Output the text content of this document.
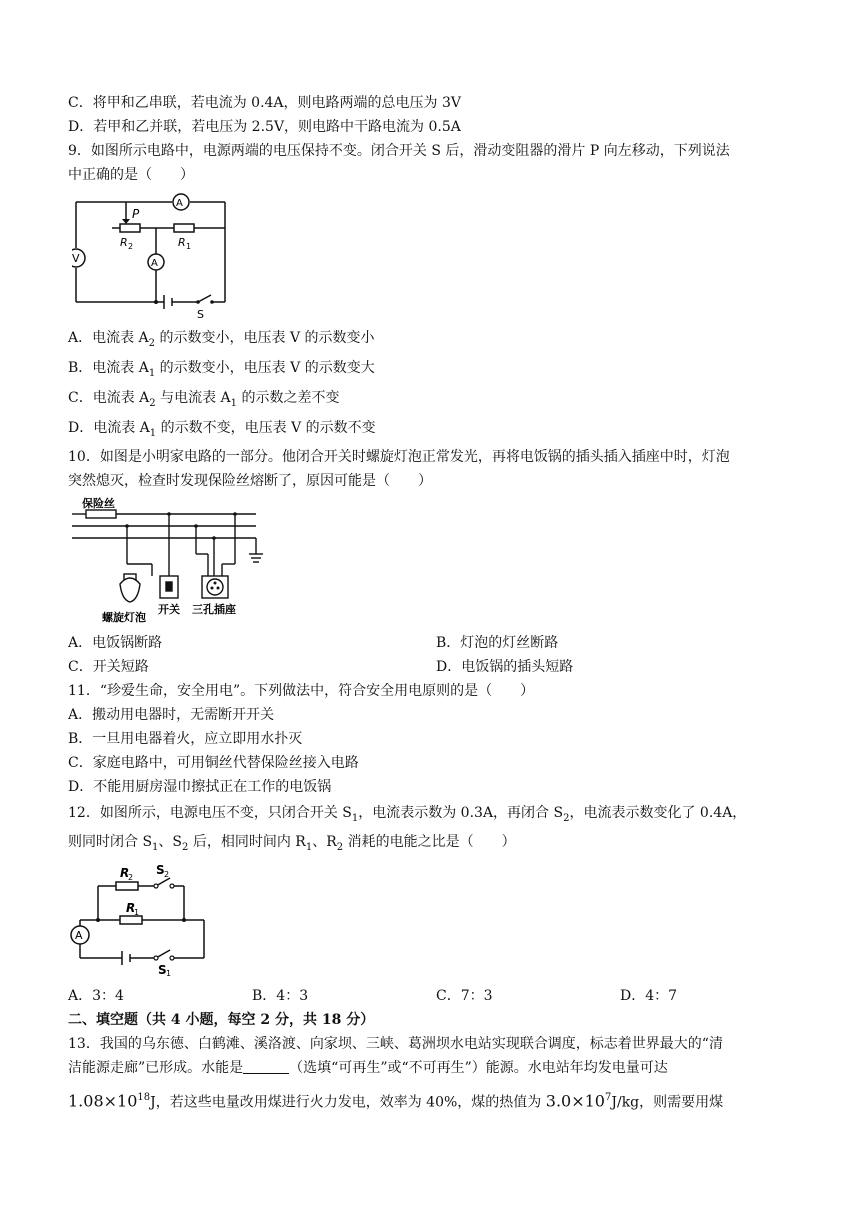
C．将甲和乙串联，若电流为 0.4A，则电路两端的总电压为 3V
D．若甲和乙并联，若电压为 2.5V，则电路中干路电流为 0.5A
9．如图所示电路中，电源两端的电压保持不变。闭合开关 S 后，滑动变阻器的滑片 P 向左移动，下列说法
中正确的是（　　）
P
A
A
V
R 2	R 1
S
A．电流表 $A_2$ 的示数变小，电压表 V 的示数变小
B．电流表 $A_1$ 的示数变小，电压表 V 的示数变大
C．电流表 $A_2$ 与电流表 $A_1$ 的示数之差不变
D．电流表 $A_1$ 的示数不变，电压表 V 的示数不变
10．如图是小明家电路的一部分。他闭合开关时螺旋灯泡正常发光，再将电饭锅的插头插入插座中时，灯泡
突然熄灭，检查时发现保险丝熔断了，原因可能是（　　）
保险丝
螺旋灯泡
开关 三孔插座
A．电饭锅断路	B．灯泡的灯丝断路
C．开关短路	D．电饭锅的插头短路
11．“珍爱生命，安全用电”。下列做法中，符合安全用电原则的是（　　）
A．搬动用电器时，无需断开开关
B．一旦用电器着火，应立即用水扑灭
C．家庭电路中，可用铜丝代替保险丝接入电路
D．不能用厨房湿巾擦拭正在工作的电饭锅
12．如图所示，电源电压不变，只闭合开关 $S_1$，电流表示数为 0.3A，再闭合 $S_2$，电流表示数变化了 0.4A，
则同时闭合 $S_1$、$S_2$ 后，相同时间内 $R_1$、$R_2$ 消耗的电能之比是（　　）
R
2
S 2
R
1
A
S 1
A．3：4	B．4：3	C．7：3	D．4：7
二、填空题（共 4 小题，每空 2 分，共 18 分）
13．我国的乌东德、白鹤滩、溪洛渡、向家坝、三峡、葛洲坝水电站实现联合调度，标志着世界最大的“清
洁能源走廊”已形成。水能是	（选填“可再生”或“不可再生”）能源。水电站年均发电量可达
$1.08\times 10^{18}J$，若这些电量改用煤进行火力发电，效率为 40%，煤的热值为 $3.0\times 10^7J/kg$，则需要用煤
